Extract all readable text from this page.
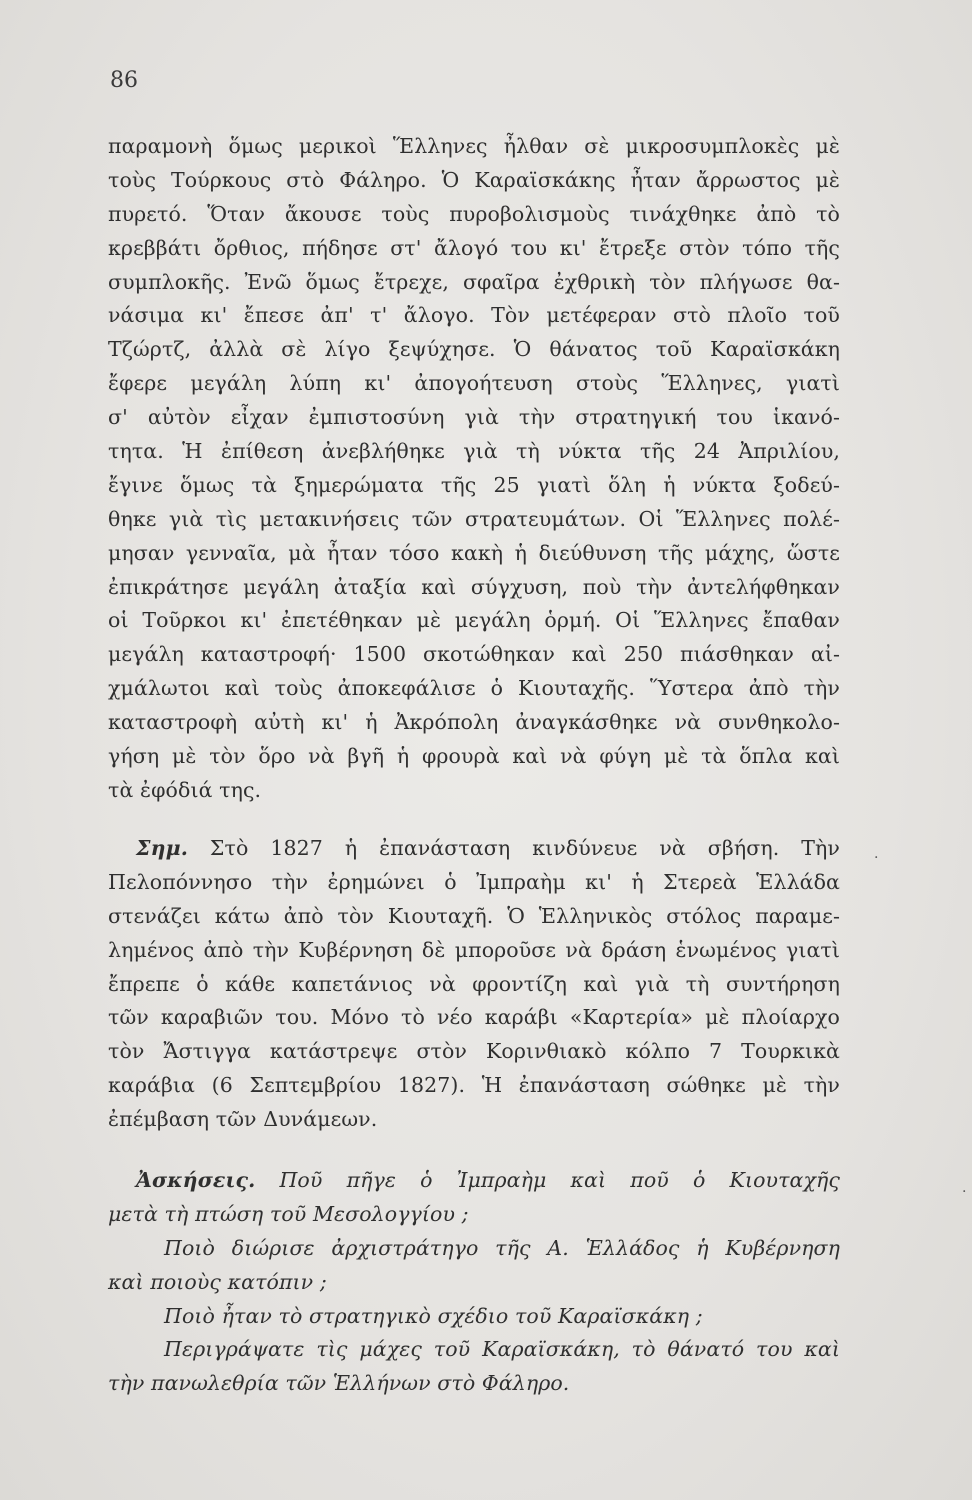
86
παραμονὴ ὅμως μερικοὶ Ἕλληνες ἦλθαν σὲ μικροσυμπλοκὲς μὲ
τοὺς Τούρκους στὸ Φάληρο. Ὁ Καραϊσκάκης ἦταν ἄρρωστος μὲ
πυρετό. Ὅταν ἄκουσε τοὺς πυροβολισμοὺς τινάχθηκε ἀπὸ τὸ
κρεββάτι ὄρθιος, πήδησε στ' ἄλογό του κι' ἔτρεξε στὸν τόπο τῆς
συμπλοκῆς. Ἐνῶ ὅμως ἔτρεχε, σφαῖρα ἐχθρικὴ τὸν πλήγωσε θα-
νάσιμα κι' ἔπεσε ἀπ' τ' ἄλογο. Τὸν μετέφεραν στὸ πλοῖο τοῦ
Τζώρτζ, ἀλλὰ σὲ λίγο ξεψύχησε. Ὁ θάνατος τοῦ Καραϊσκάκη
ἔφερε μεγάλη λύπη κι' ἀπογοήτευση στοὺς Ἕλληνες, γιατὶ
σ' αὐτὸν εἶχαν ἐμπιστοσύνη γιὰ τὴν στρατηγική του ἱκανό-
τητα. Ἡ ἐπίθεση ἀνεβλήθηκε γιὰ τὴ νύκτα τῆς 24 Ἀπριλίου,
ἔγινε ὅμως τὰ ξημερώματα τῆς 25 γιατὶ ὅλη ἡ νύκτα ξοδεύ-
θηκε γιὰ τὶς μετακινήσεις τῶν στρατευμάτων. Οἱ Ἕλληνες πολέ-
μησαν γενναῖα, μὰ ἦταν τόσο κακὴ ἡ διεύθυνση τῆς μάχης, ὥστε
ἐπικράτησε μεγάλη ἀταξία καὶ σύγχυση, ποὺ τὴν ἀντελήφθηκαν
οἱ Τοῦρκοι κι' ἐπετέθηκαν μὲ μεγάλη ὁρμή. Οἱ Ἕλληνες ἔπαθαν
μεγάλη καταστροφή· 1500 σκοτώθηκαν καὶ 250 πιάσθηκαν αἰ-
χμάλωτοι καὶ τοὺς ἀποκεφάλισε ὁ Κιουταχῆς. Ὕστερα ἀπὸ τὴν
καταστροφὴ αὐτὴ κι' ἡ Ἀκρόπολη ἀναγκάσθηκε νὰ συνθηκολο-
γήση μὲ τὸν ὅρο νὰ βγῆ ἡ φρουρὰ καὶ νὰ φύγη μὲ τὰ ὅπλα καὶ
τὰ ἐφόδιά της.
Σημ. Στὸ 1827 ἡ ἐπανάσταση κινδύνευε νὰ σβήση. Τὴν
Πελοπόννησο τὴν ἐρημώνει ὁ Ἰμπραὴμ κι' ἡ Στερεὰ Ἑλλάδα
στενάζει κάτω ἀπὸ τὸν Κιουταχῆ. Ὁ Ἑλληνικὸς στόλος παραμε-
λημένος ἀπὸ τὴν Κυβέρνηση δὲ μποροῦσε νὰ δράση ἑνωμένος γιατὶ
ἔπρεπε ὁ κάθε καπετάνιος νὰ φροντίζη καὶ γιὰ τὴ συντήρηση
τῶν καραβιῶν του. Μόνο τὸ νέο καράβι «Καρτερία» μὲ πλοίαρχο
τὸν Ἄστιγγα κατάστρεψε στὸν Κορινθιακὸ κόλπο 7 Τουρκικὰ
καράβια (6 Σεπτεμβρίου 1827). Ἡ ἐπανάσταση σώθηκε μὲ τὴν
ἐπέμβαση τῶν Δυνάμεων.
Ἀσκήσεις. Ποῦ πῆγε ὁ Ἰμπραὴμ καὶ ποῦ ὁ Κιουταχῆς
μετὰ τὴ πτώση τοῦ Μεσολογγίου ;
Ποιὸ διώρισε ἀρχιστράτηγο τῆς Α. Ἑλλάδος ἡ Κυβέρνηση
καὶ ποιοὺς κατόπιν ;
Ποιὸ ἦταν τὸ στρατηγικὸ σχέδιο τοῦ Καραϊσκάκη ;
Περιγράψατε τὶς μάχες τοῦ Καραϊσκάκη, τὸ θάνατό του καὶ
τὴν πανωλεθρία τῶν Ἑλλήνων στὸ Φάληρο.
.
.
